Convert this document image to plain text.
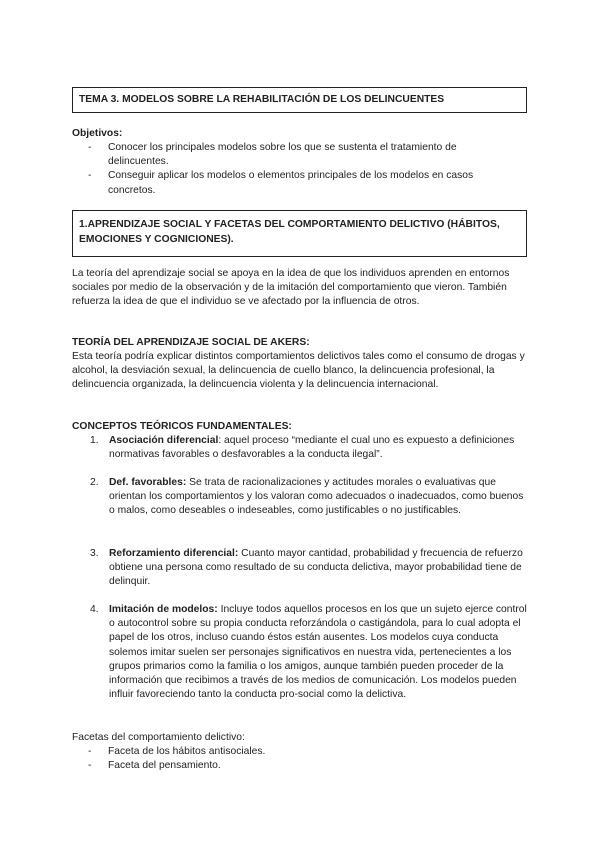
TEMA 3. MODELOS SOBRE LA REHABILITACIÓN DE LOS DELINCUENTES
Objetivos:
- Conocer los principales modelos sobre los que se sustenta el tratamiento de delincuentes.
- Conseguir aplicar los modelos o elementos principales de los modelos en casos concretos.
1.APRENDIZAJE SOCIAL Y FACETAS DEL COMPORTAMIENTO DELICTIVO (HÁBITOS, EMOCIONES Y COGNICIONES).
La teoría del aprendizaje social se apoya en la idea de que los individuos aprenden en entornos sociales por medio de la observación y de la imitación del comportamiento que vieron. También refuerza la idea de que el individuo se ve afectado por la influencia de otros.
TEORÍA DEL APRENDIZAJE SOCIAL DE AKERS:
Esta teoría podría explicar distintos comportamientos delictivos tales como el consumo de drogas y alcohol, la desviación sexual, la delincuencia de cuello blanco, la delincuencia profesional, la delincuencia organizada, la delincuencia violenta y la delincuencia internacional.
CONCEPTOS TEÓRICOS FUNDAMENTALES:
1. Asociación diferencial: aquel proceso “mediante el cual uno es expuesto a definiciones normativas favorables o desfavorables a la conducta ilegal”.
2. Def. favorables: Se trata de racionalizaciones y actitudes morales o evaluativas que orientan los comportamientos y los valoran como adecuados o inadecuados, como buenos o malos, como deseables o indeseables, como justificables o no justificables.
3. Reforzamiento diferencial: Cuanto mayor cantidad, probabilidad y frecuencia de refuerzo obtiene una persona como resultado de su conducta delictiva, mayor probabilidad tiene de delinquir.
4. Imitación de modelos: Incluye todos aquellos procesos en los que un sujeto ejerce control o autocontrol sobre su propia conducta reforzándola o castigándola, para lo cual adopta el papel de los otros, incluso cuando éstos están ausentes. Los modelos cuya conducta solemos imitar suelen ser personajes significativos en nuestra vida, pertenecientes a los grupos primarios como la familia o los amigos, aunque también pueden proceder de la información que recibimos a través de los medios de comunicación. Los modelos pueden influir favoreciendo tanto la conducta pro-social como la delictiva.
Facetas del comportamiento delictivo:
- Faceta de los hábitos antisociales.
- Faceta del pensamiento.
